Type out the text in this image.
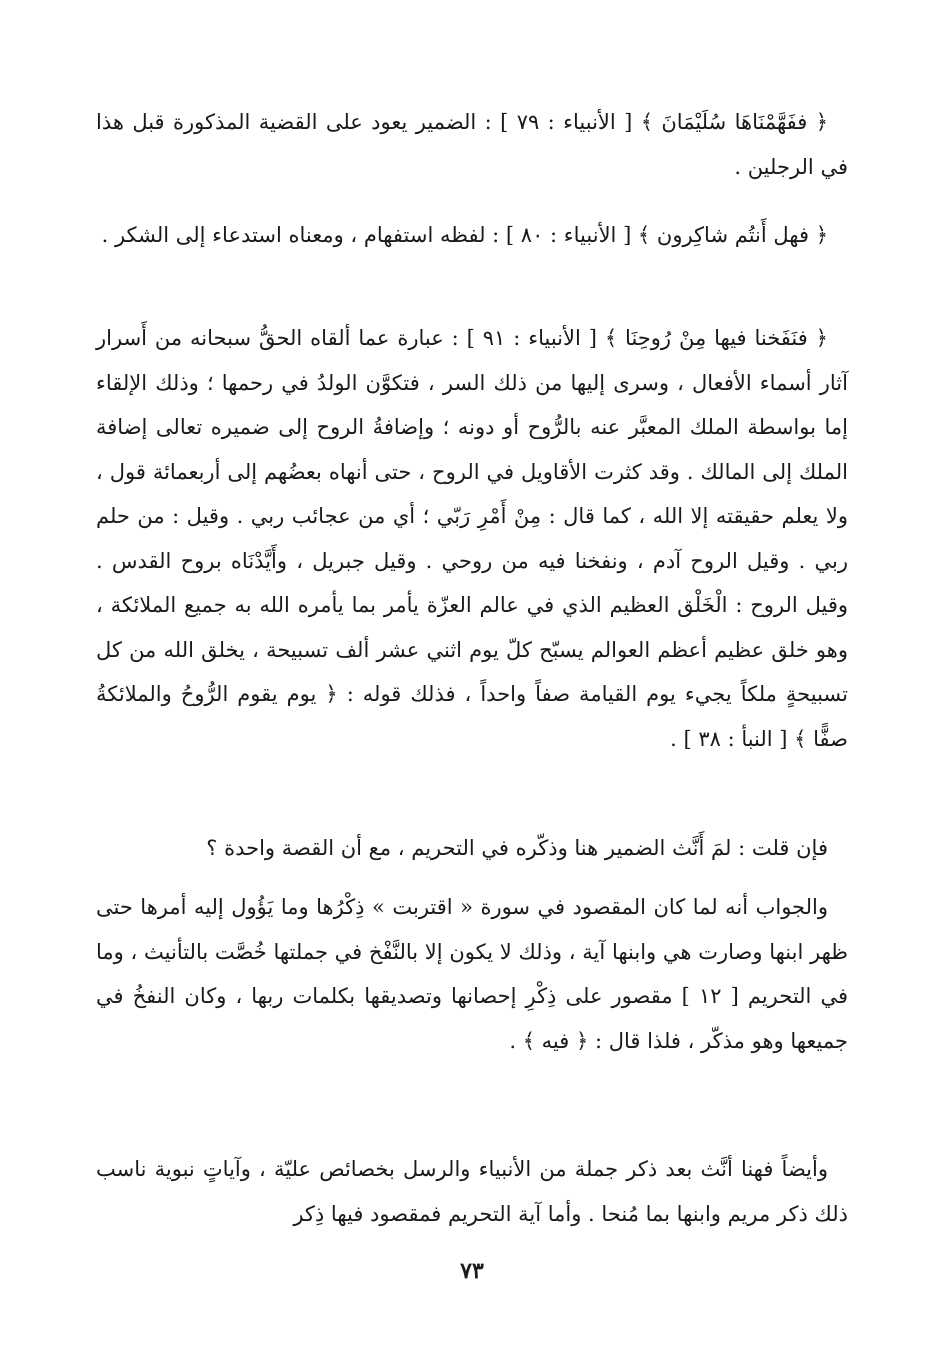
﴿ ففَهَّمْنَاهَا سُلَيْمَانَ ﴾ [ الأنبياء : ٧٩ ] : الضمير يعود على القضية المذكورة قبل هذا في الرجلين .

﴿ فهل أَنتُم شاكِرون ﴾ [ الأنبياء : ٨٠ ] : لفظه استفهام ، ومعناه استدعاء إلى الشكر .

﴿ فنَفَخنا فيها مِنْ رُوحِنَا ﴾ [ الأنبياء : ٩١ ] : عبارة عما ألقاه الحقُّ سبحانه من أَسرار آثار أسماء الأفعال ، وسرى إليها من ذلك السر ، فتكوَّن الولدُ في رحمها ؛ وذلك الإلقاء إما بواسطة الملك المعبَّر عنه بالرُّوح أو دونه ؛ وإضافةُ الروح إلى ضميره تعالى إضافة الملك إلى المالك . وقد كثرت الأقاويل في الروح ، حتى أنهاه بعضُهم إلى أربعمائة قول ، ولا يعلم حقيقته إلا الله ، كما قال : مِنْ أَمْرِ رَبّي ؛ أي من عجائب ربي . وقيل : من حلم ربي . وقيل الروح آدم ، ونفخنا فيه من روحي . وقيل جبريل ، وأَيَّدْنَاه بروح القدس . وقيل الروح : الْخَلْق العظيم الذي في عالم العزّة يأمر بما يأمره الله به جميع الملائكة ، وهو خلق عظيم أعظم العوالم يسبّح كلّ يوم اثني عشر ألف تسبيحة ، يخلق الله من كل تسبيحةٍ ملكاً يجيء يوم القيامة صفاً واحداً ، فذلك قوله : ﴿ يوم يقوم الرُّوحُ والملائكةُ صفًّا ﴾ [ النبأ : ٣٨ ] .

فإن قلت : لمَ أَنَّث الضمير هنا وذكّره في التحريم ، مع أن القصة واحدة ؟

والجواب أنه لما كان المقصود في سورة « اقتربت » ذِكْرُها وما يَؤُول إليه أمرها حتى ظهر ابنها وصارت هي وابنها آية ، وذلك لا يكون إلا بالنَّفْخ في جملتها خُصَّت بالتأنيث ، وما في التحريم [ ١٢ ] مقصور على ذِكْرِ إحصانها وتصديقها بكلمات ربها ، وكان النفخُ في جميعها وهو مذكّر ، فلذا قال : ﴿ فيه ﴾ .

وأيضاً فهنا أنَّث بعد ذكر جملة من الأنبياء والرسل بخصائص عليّة ، وآياتٍ نبوية ناسب ذلك ذكر مريم وابنها بما مُنحا . وأما آية التحريم فمقصود فيها ذِكر

٧٣
